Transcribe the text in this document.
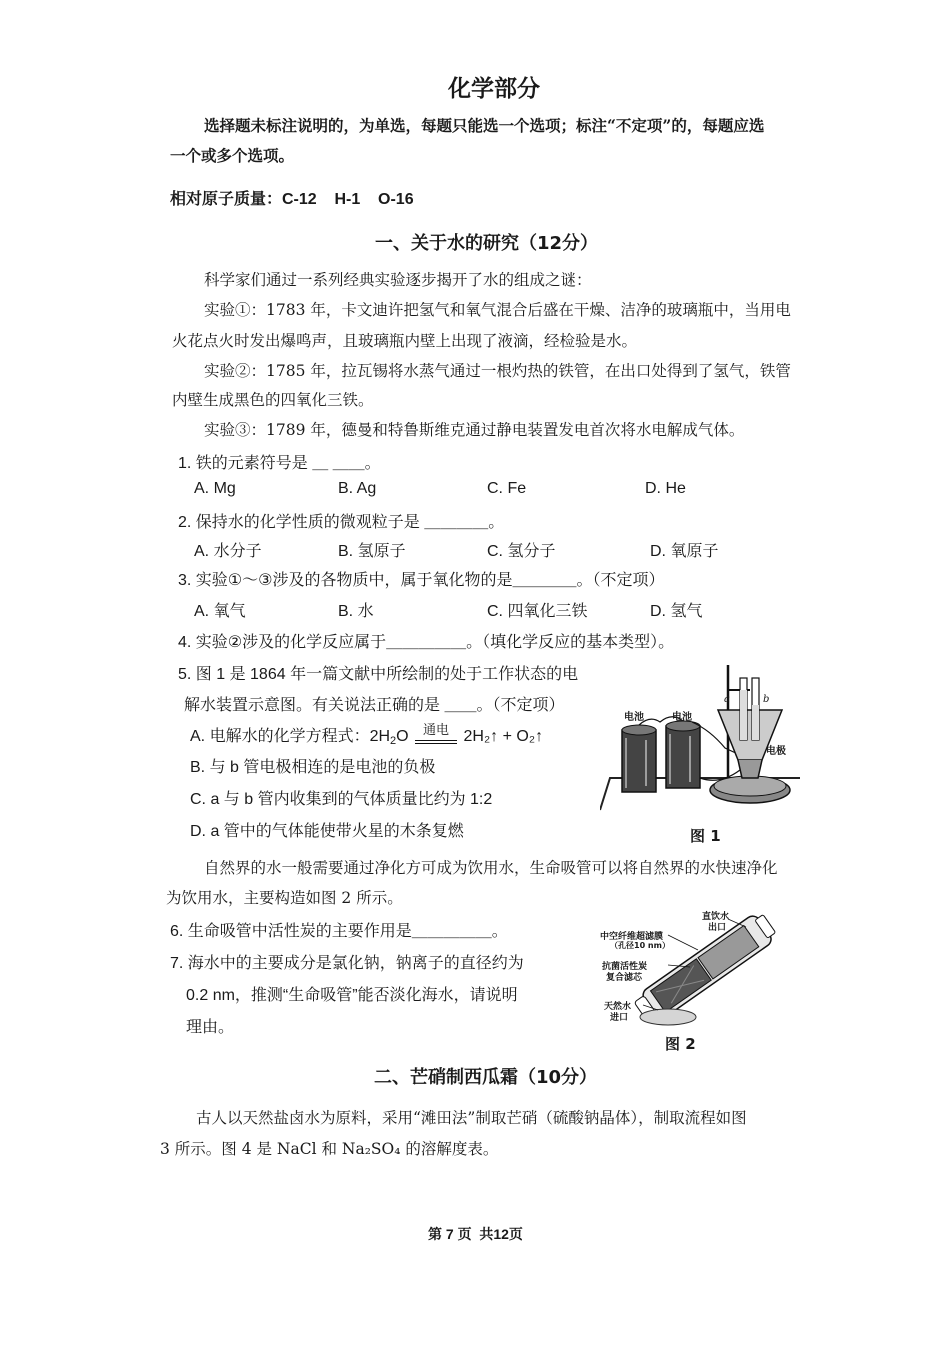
化学部分
选择题未标注说明的，为单选，每题只能选一个选项；标注“不定项”的，每题应选
一个或多个选项。
相对原子质量：C-12    H-1    O-16
一、关于水的研究（12分）
科学家们通过一系列经典实验逐步揭开了水的组成之谜：
实验①：1783 年，卡文迪许把氢气和氧气混合后盛在干燥、洁净的玻璃瓶中，当用电
火花点火时发出爆鸣声，且玻璃瓶内壁上出现了液滴，经检验是水。
实验②：1785 年，拉瓦锡将水蒸气通过一根灼热的铁管，在出口处得到了氢气，铁管
内壁生成黑色的四氧化三铁。
实验③：1789 年，德曼和特鲁斯维克通过静电装置发电首次将水电解成气体。
1. 铁的元素符号是 ＿ ＿＿。
A. Mg	B. Ag	C. Fe	D. He
2. 保持水的化学性质的微观粒子是 ＿＿＿＿。
A. 水分子	B. 氢原子	C. 氢分子	D. 氧原子
3. 实验①～③涉及的各物质中，属于氧化物的是＿＿＿＿。（不定项）
A. 氧气	B. 水	C. 四氧化三铁	D. 氢气
4. 实验②涉及的化学反应属于＿＿＿＿＿。（填化学反应的基本类型）。
5. 图 1 是 1864 年一篇文献中所绘制的处于工作状态的电
解水装置示意图。有关说法正确的是 ＿＿。（不定项）
A. 电解水的化学方程式：2H2O $^{通电}$ 2H₂↑ + O₂↑
B. 与 b 管电极相连的是电池的负极
C. a 与 b 管内收集到的气体质量比约为 1:2
D. a 管中的气体能使带火星的木条复燃
电池	电池
a	b
电极
图 1
自然界的水一般需要通过净化方可成为饮用水，生命吸管可以将自然界的水快速净化
为饮用水，主要构造如图 2 所示。
6. 生命吸管中活性炭的主要作用是＿＿＿＿＿。
7. 海水中的主要成分是氯化钠，钠离子的直径约为
0.2 nm，推测“生命吸管”能否淡化海水，请说明
理由。
中空纤维超滤膜
（孔径10 nm）
抗菌活性炭
复合滤芯
天然水
进口
直饮水
出口
图 2
二、芒硝制西瓜霜（10分）
古人以天然盐卤水为原料，采用“滩田法”制取芒硝（硫酸钠晶体），制取流程如图
3 所示。图 4 是 NaCl 和 Na₂SO₄ 的溶解度表。
第 7 页  共12页
